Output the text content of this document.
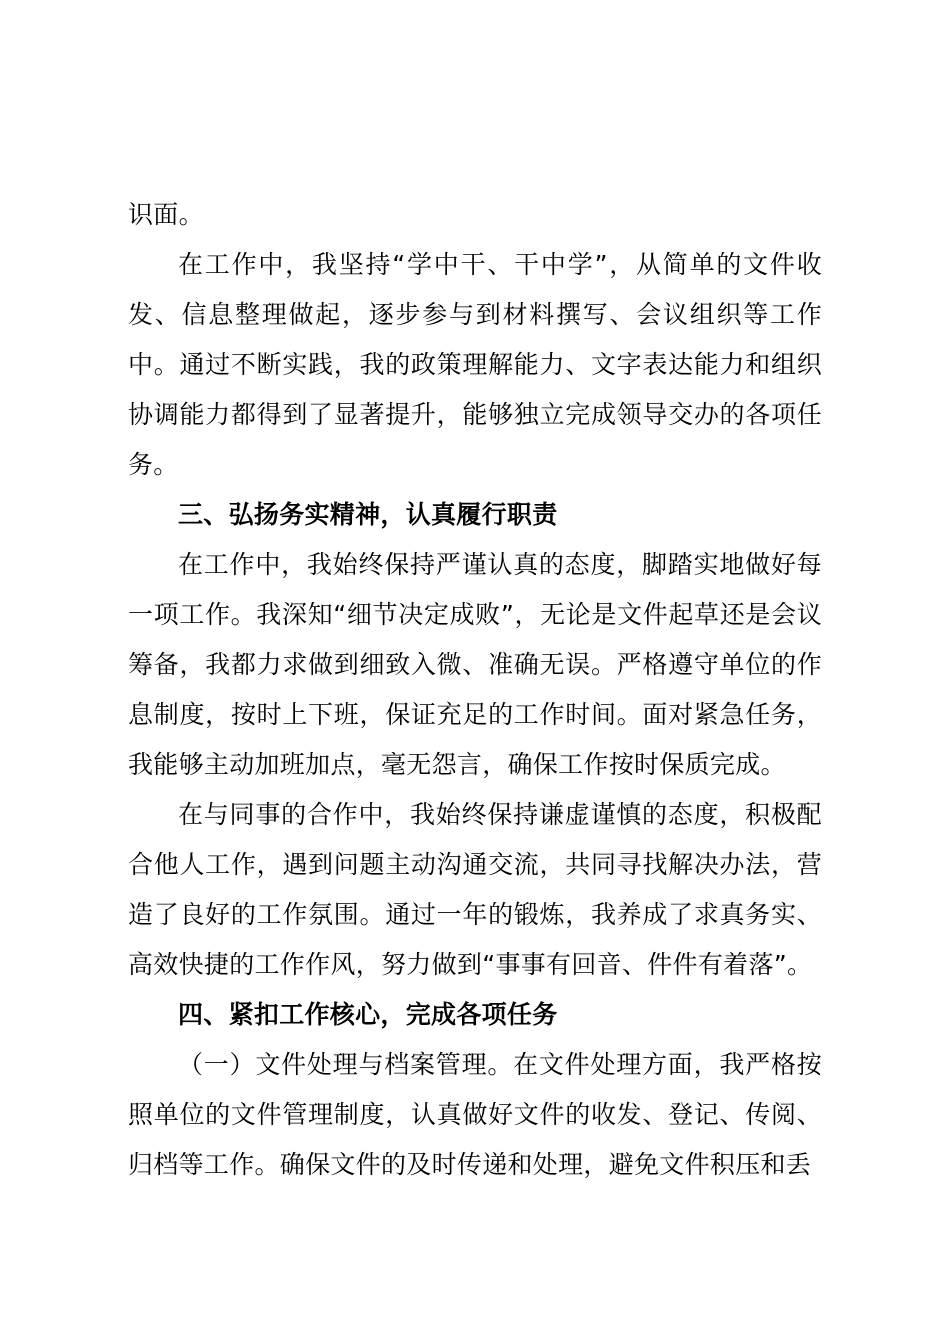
识面。

在工作中，我坚持“学中干、干中学”，从简单的文件收发、信息整理做起，逐步参与到材料撰写、会议组织等工作中。通过不断实践，我的政策理解能力、文字表达能力和组织协调能力都得到了显著提升，能够独立完成领导交办的各项任务。

三、弘扬务实精神，认真履行职责

在工作中，我始终保持严谨认真的态度，脚踏实地做好每一项工作。我深知“细节决定成败”，无论是文件起草还是会议筹备，我都力求做到细致入微、准确无误。严格遵守单位的作息制度，按时上下班，保证充足的工作时间。面对紧急任务，我能够主动加班加点，毫无怨言，确保工作按时保质完成。

在与同事的合作中，我始终保持谦虚谨慎的态度，积极配合他人工作，遇到问题主动沟通交流，共同寻找解决办法，营造了良好的工作氛围。通过一年的锻炼，我养成了求真务实、高效快捷的工作作风，努力做到“事事有回音、件件有着落”。

四、紧扣工作核心，完成各项任务

（一）文件处理与档案管理。在文件处理方面，我严格按照单位的文件管理制度，认真做好文件的收发、登记、传阅、归档等工作。确保文件的及时传递和处理，避免文件积压和丢
